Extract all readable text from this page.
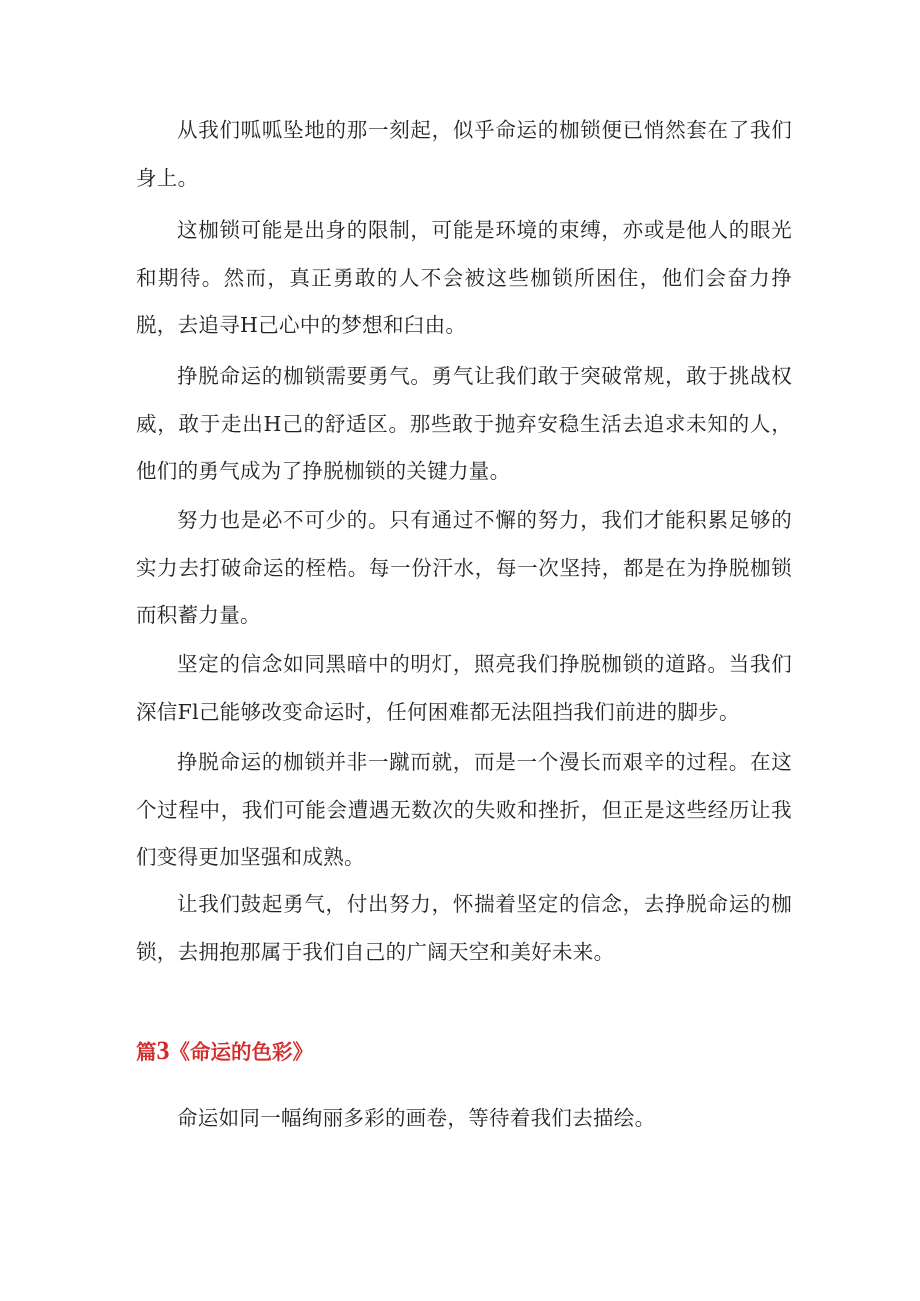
从我们呱呱坠地的那一刻起，似乎命运的枷锁便已悄然套在了我们身上。

这枷锁可能是出身的限制，可能是环境的束缚，亦或是他人的眼光和期待。然而，真正勇敢的人不会被这些枷锁所困住，他们会奋力挣脱，去追寻H己心中的梦想和臼由。

挣脱命运的枷锁需要勇气。勇气让我们敢于突破常规，敢于挑战权威，敢于走出H己的舒适区。那些敢于抛弃安稳生活去追求未知的人，他们的勇气成为了挣脱枷锁的关键力量。

努力也是必不可少的。只有通过不懈的努力，我们才能积累足够的实力去打破命运的桎梏。每一份汗水，每一次坚持，都是在为挣脱枷锁而积蓄力量。

坚定的信念如同黑暗中的明灯，照亮我们挣脱枷锁的道路。当我们深信Fl己能够改变命运时，任何困难都无法阻挡我们前进的脚步。

挣脱命运的枷锁并非一蹴而就，而是一个漫长而艰辛的过程。在这个过程中，我们可能会遭遇无数次的失败和挫折，但正是这些经历让我们变得更加坚强和成熟。

让我们鼓起勇气，付出努力，怀揣着坚定的信念，去挣脱命运的枷锁，去拥抱那属于我们自己的广阔天空和美好未来。

篇3《命运的色彩》

命运如同一幅绚丽多彩的画卷，等待着我们去描绘。
